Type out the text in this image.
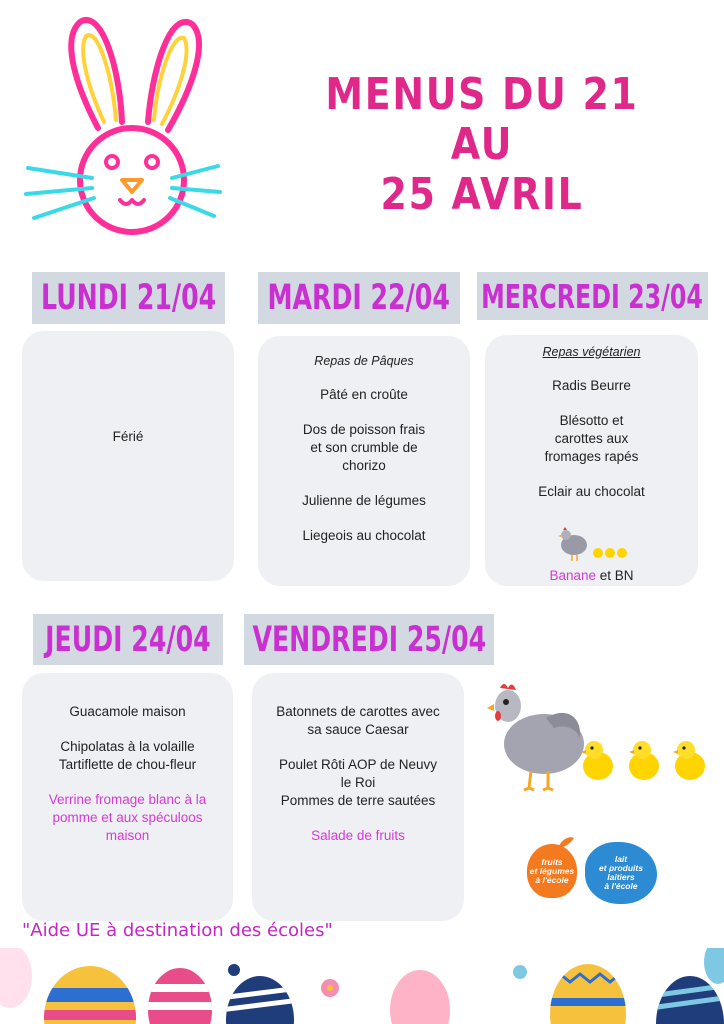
MENUS DU 21 AU
25 AVRIL
LUNDI 21/04

Férié

MARDI 22/04

Repas de Pâques

Pâté en croûte

Dos de poisson frais

et son crumble de

chorizo

Julienne de légumes

Liegeois au chocolat

MERCREDI 23/04

Repas végétarien

Radis Beurre

Blésotto et

carottes aux

fromages rapés

Eclair au chocolat

Banane et BN

JEUDI 24/04

Guacamole maison

Chipolatas à la volaille

Tartiflette de chou-fleur

Verrine fromage blanc à la

pomme et aux spéculoos

maison

VENDREDI 25/04

Batonnets de carottes avec

sa sauce Caesar

Poulet Rôti AOP de Neuvy

le Roi

Pommes de terre sautées

Salade de fruits

fruits
et légumes
à l'école
lait
et produits
laitiers
à l'école
"Aide UE à destination des écoles"
